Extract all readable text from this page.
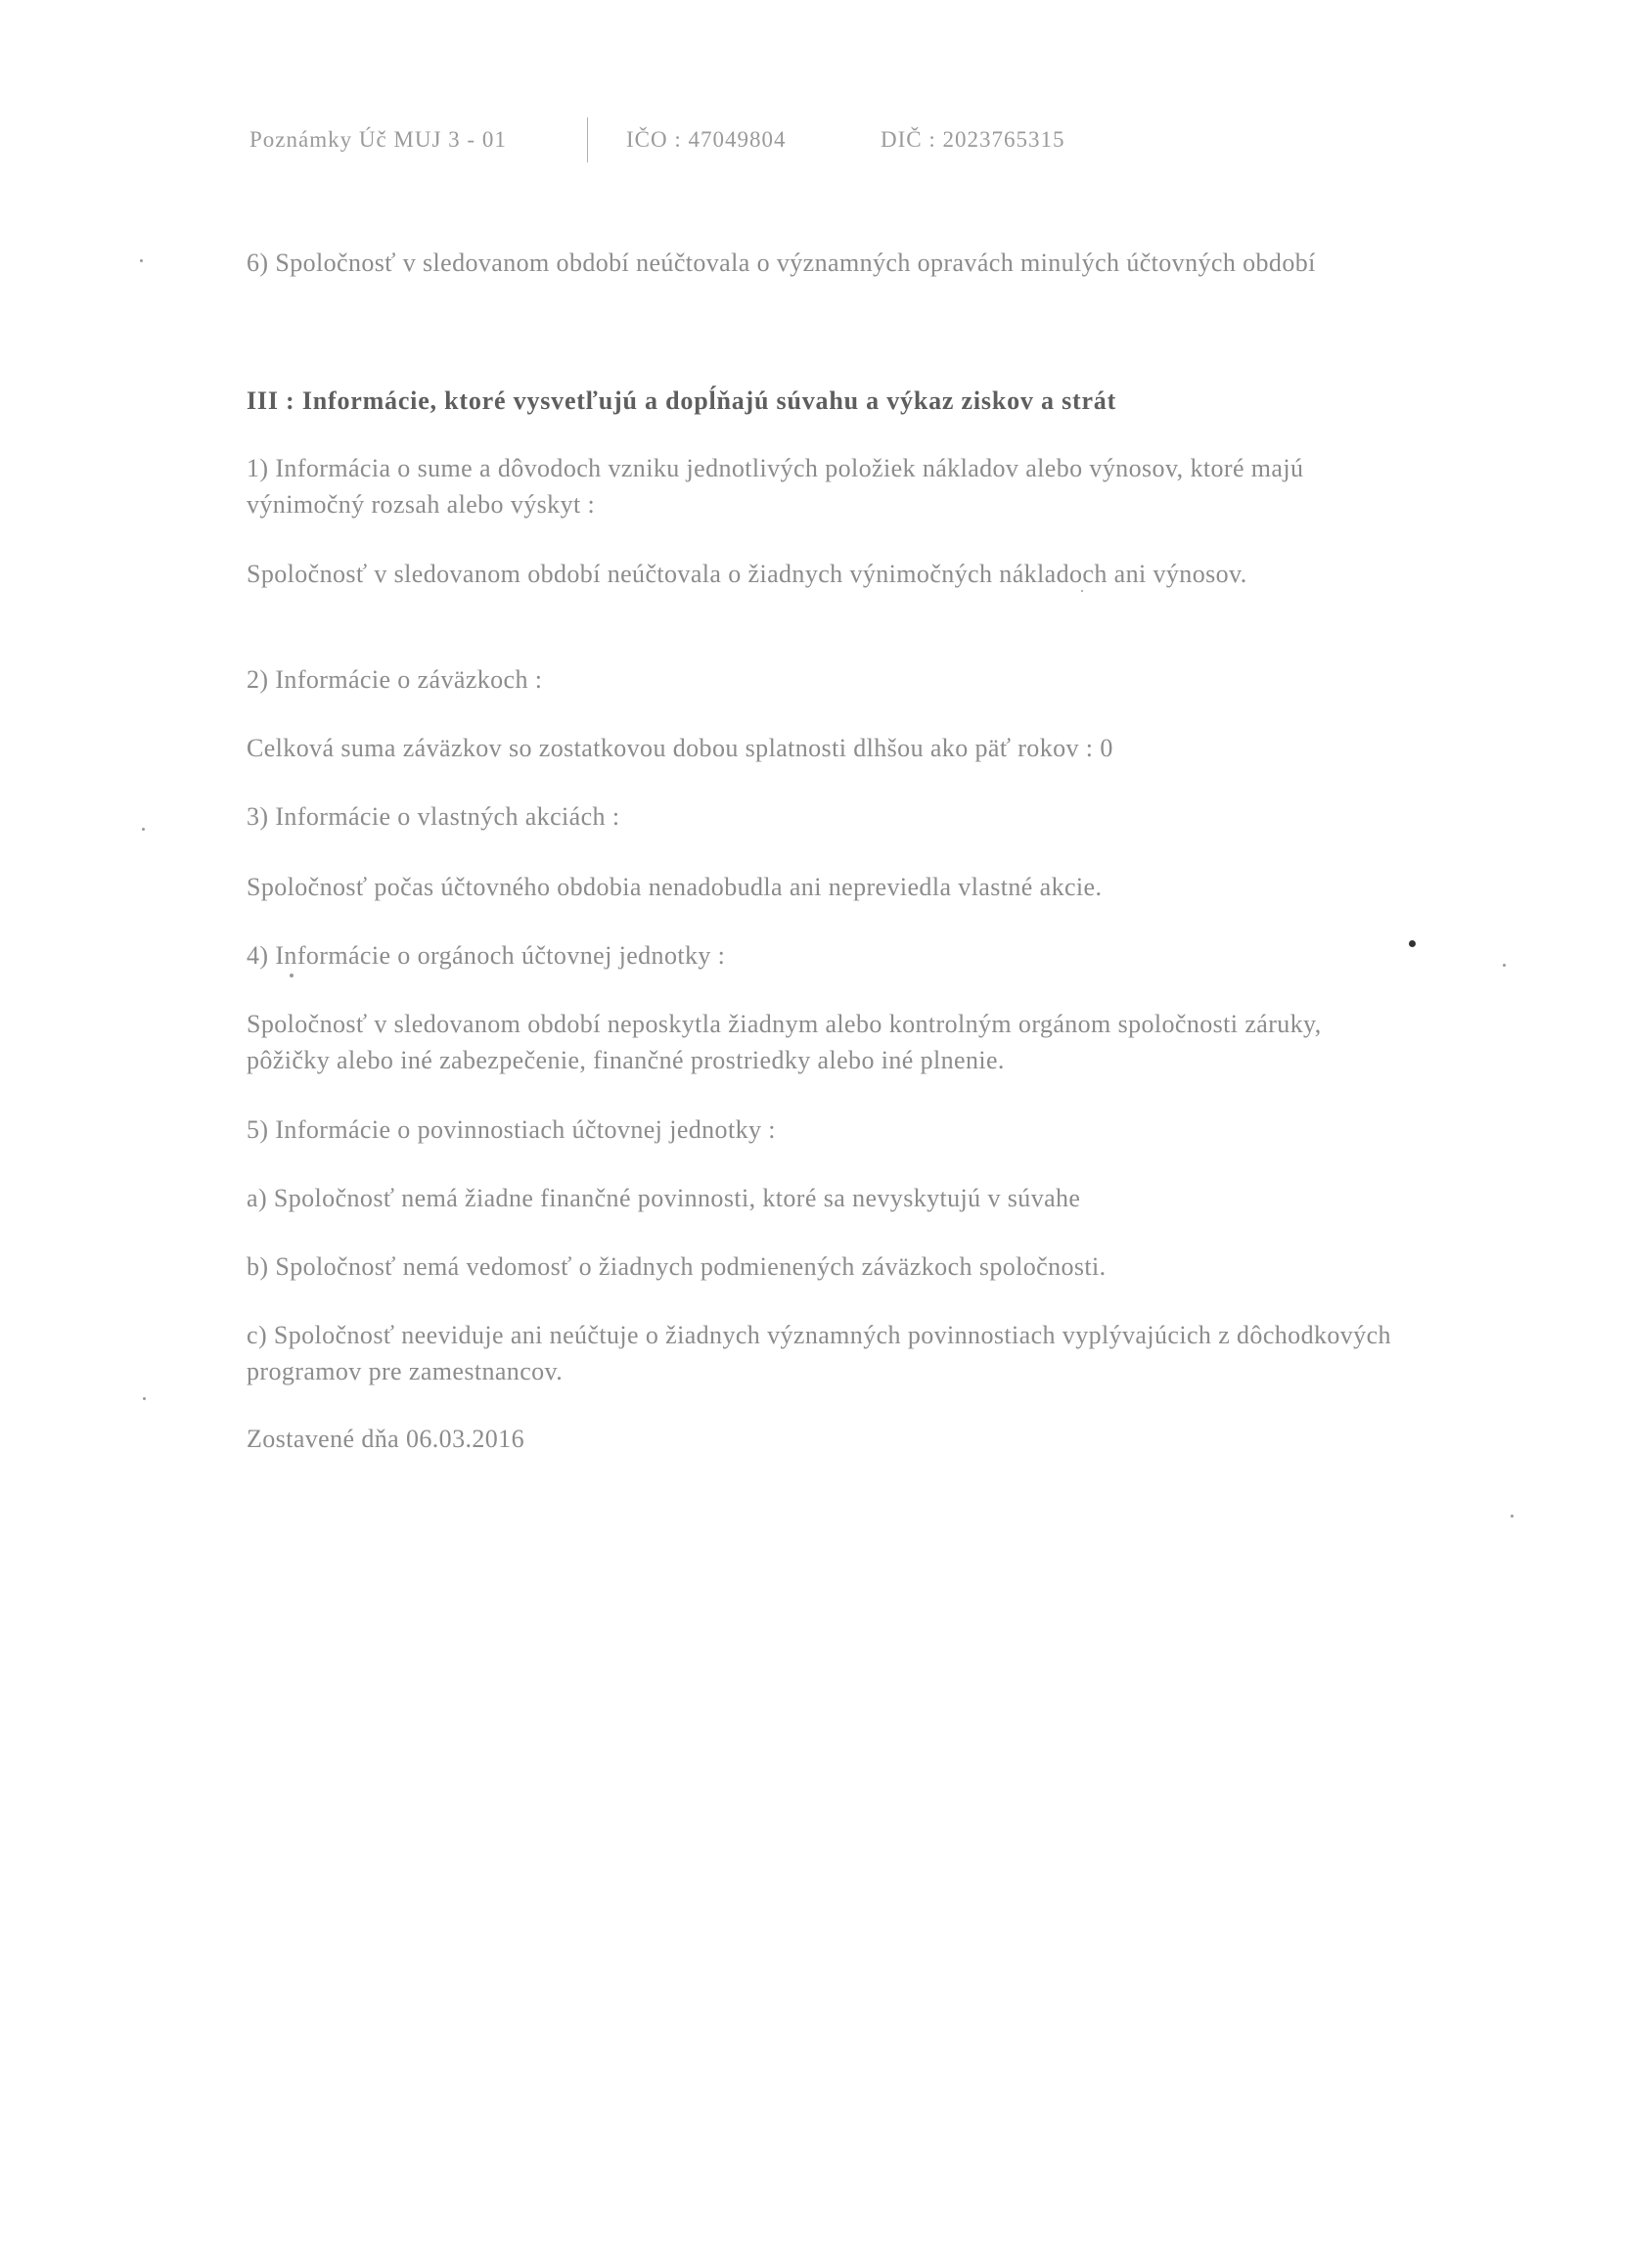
Poznámky Úč MUJ 3 - 01	IČO : 47049804	DIČ : 2023765315

6) Spoločnosť v sledovanom období neúčtovala o významných opravách minulých účtovných období

III : Informácie, ktoré vysvetľujú a dopĺňajú súvahu a výkaz ziskov a strát

1) Informácia o sume a dôvodoch vzniku jednotlivých položiek nákladov alebo výnosov, ktoré majú výnimočný rozsah alebo výskyt :

Spoločnosť v sledovanom období neúčtovala o žiadnych výnimočných nákladoch ani výnosov.

2) Informácie o záväzkoch :

Celková suma záväzkov so zostatkovou dobou splatnosti dlhšou ako päť rokov : 0

3) Informácie o vlastných akciách :

Spoločnosť počas účtovného obdobia nenadobudla ani nepreviedla vlastné akcie.

4) Informácie o orgánoch účtovnej jednotky :

Spoločnosť v sledovanom období neposkytla žiadnym alebo kontrolným orgánom spoločnosti záruky, pôžičky alebo iné zabezpečenie, finančné prostriedky alebo iné plnenie.

5) Informácie o povinnostiach účtovnej jednotky :

a) Spoločnosť nemá žiadne finančné povinnosti, ktoré sa nevyskytujú v súvahe

b) Spoločnosť nemá vedomosť o žiadnych podmienených záväzkoch spoločnosti.

c) Spoločnosť neeviduje ani neúčtuje o žiadnych významných povinnostiach vyplývajúcich z dôchodkových programov pre zamestnancov.

Zostavené dňa 06.03.2016
